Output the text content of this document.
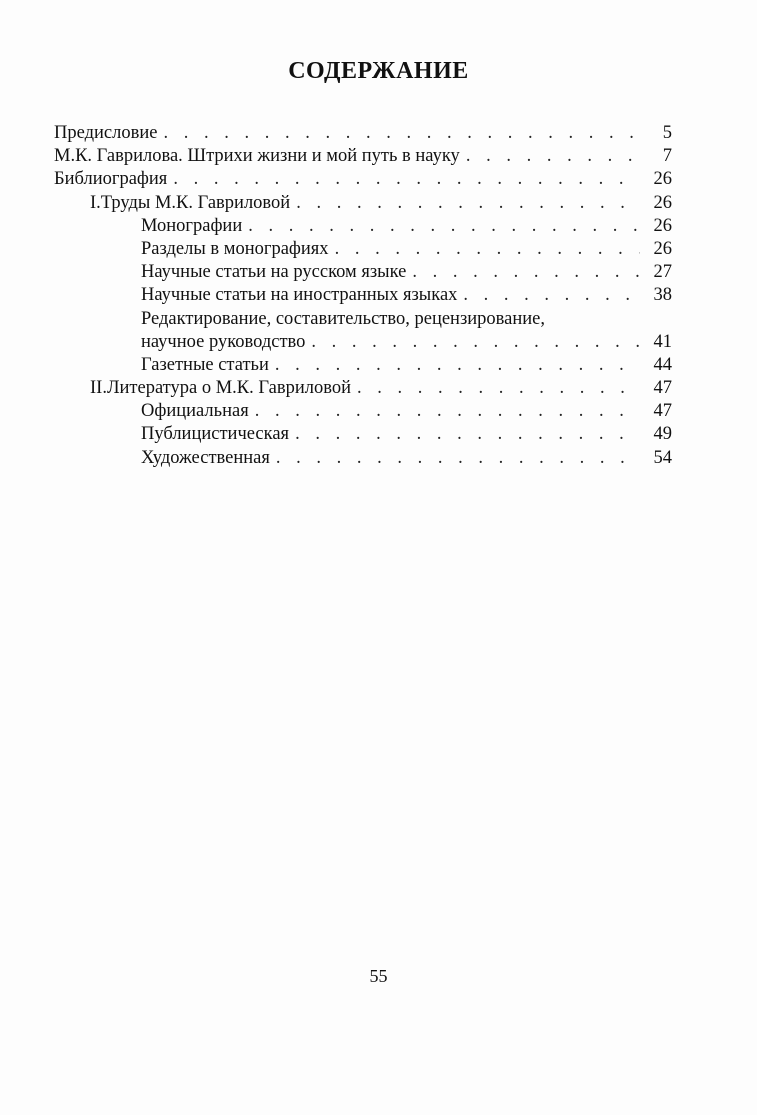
СОДЕРЖАНИЕ
Предисловие . . .	5
М.К. Гаврилова. Штрихи жизни и мой путь в науку . . .	7
Библиография . . .	26
I. Труды М.К. Гавриловой . . .	26
Монографии . . .	26
Разделы в монографиях . . .	26
Научные статьи на русском языке . . .	27
Научные статьи на иностранных языках . . .	38
Редактирование, составительство, рецензирование,
научное руководство . . .	41
Газетные статьи . . .	44
II. Литература о М.К. Гавриловой . . .	47
Официальная . . .	47
Публицистическая . . .	49
Художественная . . .	54
55
